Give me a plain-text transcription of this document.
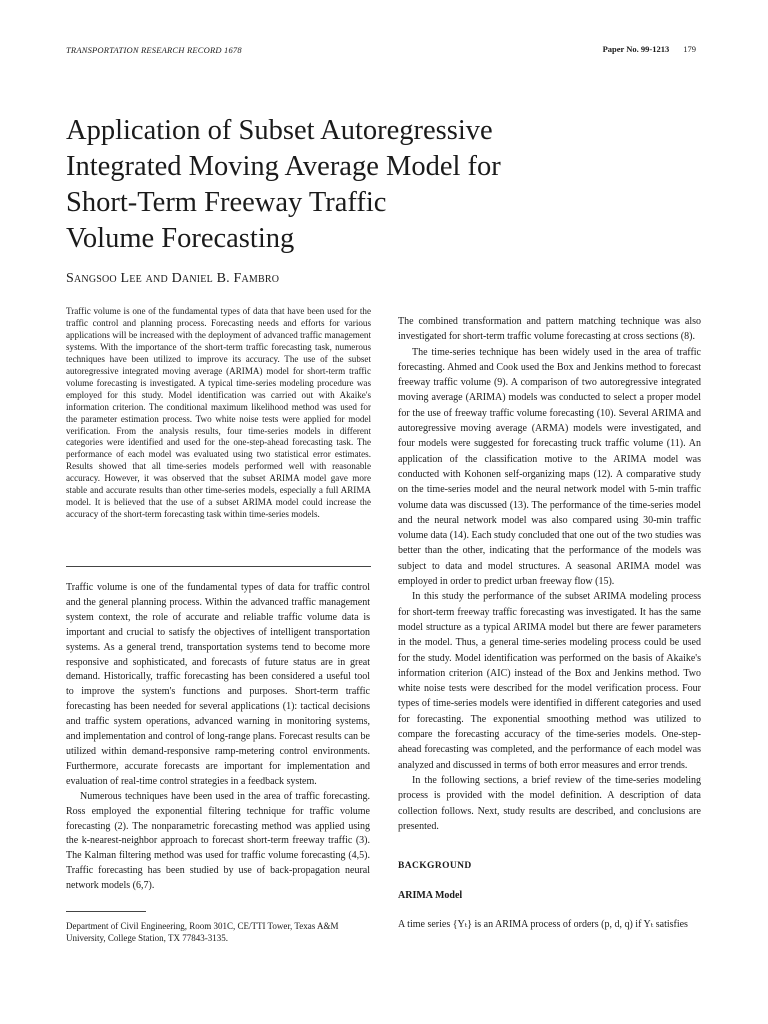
TRANSPORTATION RESEARCH RECORD 1678	Paper No. 99-1213 179
Application of Subset Autoregressive
Integrated Moving Average Model for
Short-Term Freeway Traffic
Volume Forecasting
Sangsoo Lee and Daniel B. Fambro
Traffic volume is one of the fundamental types of data that have been used for the traffic control and planning process. Forecasting needs and efforts for various applications will be increased with the deployment of advanced traffic management systems. With the importance of the short-term traffic forecasting task, numerous techniques have been utilized to improve its accuracy. The use of the subset autoregressive integrated moving average (ARIMA) model for short-term traffic volume forecasting is investigated. A typical time-series modeling procedure was employed for this study. Model identification was carried out with Akaike's information criterion. The conditional maximum likelihood method was used for the parameter estimation process. Two white noise tests were applied for model verification. From the analysis results, four time-series models in different categories were identified and used for the one-step-ahead forecasting task. The performance of each model was evaluated using two statistical error estimates. Results showed that all time-series models performed well with reasonable accuracy. However, it was observed that the subset ARIMA model gave more stable and accurate results than other time-series models, especially a full ARIMA model. It is believed that the use of a subset ARIMA model could increase the accuracy of the short-term forecasting task within time-series models.

Traffic volume is one of the fundamental types of data for traffic control and the general planning process. Within the advanced traffic management system context, the role of accurate and reliable traffic volume data is important and crucial to satisfy the objectives of intelligent transportation systems. As a general trend, transportation systems tend to become more responsive and sophisticated, and forecasts of future status are in great demand. Historically, traffic forecasting has been considered a useful tool to improve the system's functions and purposes. Short-term traffic forecasting has been needed for several applications (1): tactical decisions and traffic system operations, advanced warning in monitoring systems, and implementation and control of long-range plans. Forecast results can be utilized within demand-responsive ramp-metering control environments. Furthermore, accurate forecasts are important for implementation and evaluation of real-time control strategies in a feedback system.

Numerous techniques have been used in the area of traffic forecasting. Ross employed the exponential filtering technique for traffic volume forecasting (2). The nonparametric forecasting method was applied using the k-nearest-neighbor approach to forecast short-term freeway traffic (3). The Kalman filtering method was used for traffic volume forecasting (4,5). Traffic forecasting has been studied by use of back-propagation neural network models (6,7).

Department of Civil Engineering, Room 301C, CE/TTI Tower, Texas A&M University, College Station, TX 77843-3135.

The combined transformation and pattern matching technique was also investigated for short-term traffic volume forecasting at cross sections (8).

The time-series technique has been widely used in the area of traffic forecasting. Ahmed and Cook used the Box and Jenkins method to forecast freeway traffic volume (9). A comparison of two autoregressive integrated moving average (ARIMA) models was conducted to select a proper model for the use of freeway traffic volume forecasting (10). Several ARIMA and autoregressive moving average (ARMA) models were investigated, and four models were suggested for forecasting truck traffic volume (11). An application of the classification motive to the ARIMA model was conducted with Kohonen self-organizing maps (12). A comparative study on the time-series model and the neural network model with 5-min traffic volume data was discussed (13). The performance of the time-series model and the neural network model was also compared using 30-min traffic volume data (14). Each study concluded that one out of the two studies was better than the other, indicating that the performance of the models was subject to data and model structures. A seasonal ARIMA model was employed in order to predict urban freeway flow (15).

In this study the performance of the subset ARIMA modeling process for short-term freeway traffic forecasting was investigated. It has the same model structure as a typical ARIMA model but there are fewer parameters in the model. Thus, a general time-series modeling process could be used for the study. Model identification was performed on the basis of Akaike's information criterion (AIC) instead of the Box and Jenkins method. Two white noise tests were described for the model verification process. Four types of time-series models were identified in different categories and used for forecasting. The exponential smoothing method was utilized to compare the forecasting accuracy of the time-series models. One-step-ahead forecasting was completed, and the performance of each model was analyzed and discussed in terms of both error measures and error trends.

In the following sections, a brief review of the time-series modeling process is provided with the model definition. A description of data collection follows. Next, study results are described, and conclusions are presented.

BACKGROUND
ARIMA Model

A time series {Yₜ} is an ARIMA process of orders (p, d, q) if Yₜ satisfies
